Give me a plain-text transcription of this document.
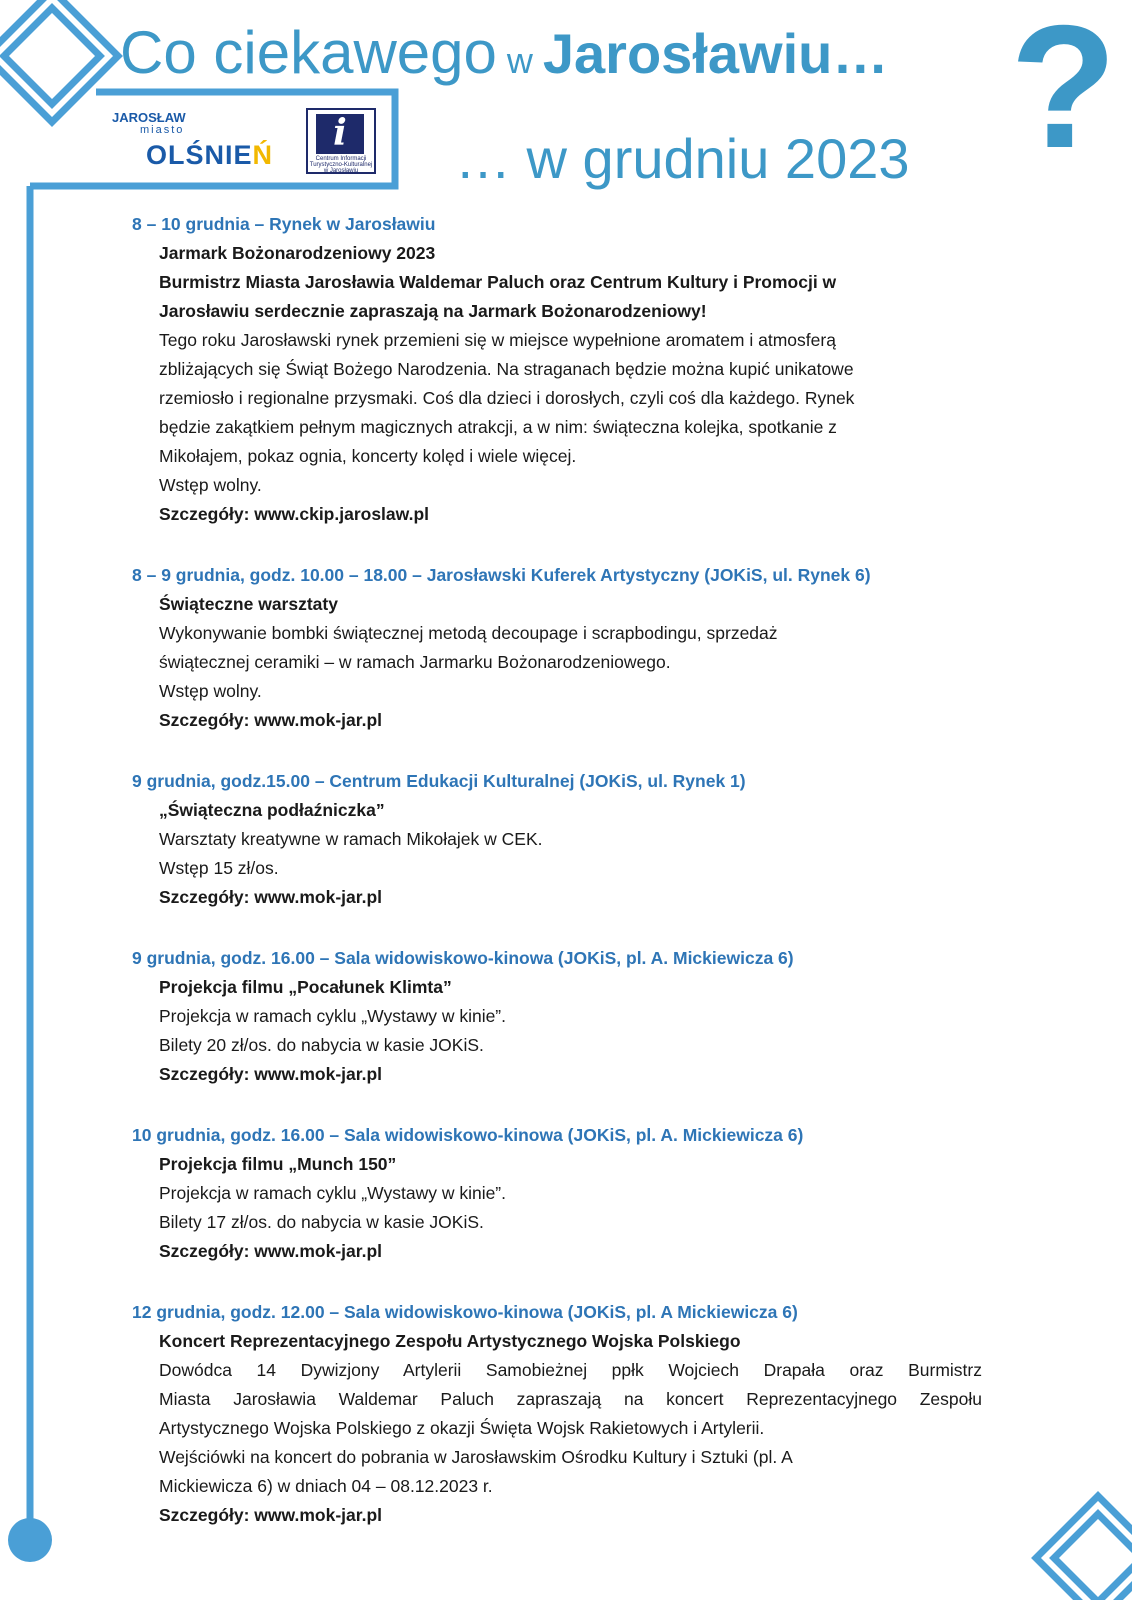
Co ciekawego w Jarosławiu…
… w grudniu 2023 ?
JAROSŁAW
miasto
OLŚNIEŃ
i
Centrum Informacji
Turystyczno-Kulturalnej
w Jarosławiu
8 – 10 grudnia – Rynek w Jarosławiu
Jarmark Bożonarodzeniowy 2023
Burmistrz Miasta Jarosławia Waldemar Paluch oraz Centrum Kultury i Promocji w
Jarosławiu serdecznie zapraszają na Jarmark Bożonarodzeniowy!
Tego roku Jarosławski rynek przemieni się w miejsce wypełnione aromatem i atmosferą
zbliżających się Świąt Bożego Narodzenia. Na straganach będzie można kupić unikatowe
rzemiosło i regionalne przysmaki. Coś dla dzieci i dorosłych, czyli coś dla każdego. Rynek
będzie zakątkiem pełnym magicznych atrakcji, a w nim: świąteczna kolejka, spotkanie z
Mikołajem, pokaz ognia, koncerty kolęd i wiele więcej.
Wstęp wolny.
Szczegóły: www.ckip.jaroslaw.pl
8 – 9 grudnia, godz. 10.00 – 18.00 – Jarosławski Kuferek Artystyczny (JOKiS, ul. Rynek 6)
Świąteczne warsztaty
Wykonywanie bombki świątecznej metodą decoupage i scrapbodingu, sprzedaż
świątecznej ceramiki – w ramach Jarmarku Bożonarodzeniowego.
Wstęp wolny.
Szczegóły: www.mok-jar.pl
9 grudnia, godz.15.00 – Centrum Edukacji Kulturalnej (JOKiS, ul. Rynek 1)
„Świąteczna podłaźniczka”
Warsztaty kreatywne w ramach Mikołajek w CEK.
Wstęp 15 zł/os.
Szczegóły: www.mok-jar.pl
9 grudnia, godz. 16.00 – Sala widowiskowo-kinowa (JOKiS, pl. A. Mickiewicza 6)
Projekcja filmu „Pocałunek Klimta”
Projekcja w ramach cyklu „Wystawy w kinie”.
Bilety 20 zł/os. do nabycia w kasie JOKiS.
Szczegóły: www.mok-jar.pl
10 grudnia, godz. 16.00 – Sala widowiskowo-kinowa (JOKiS, pl. A. Mickiewicza 6)
Projekcja filmu „Munch 150”
Projekcja w ramach cyklu „Wystawy w kinie”.
Bilety 17 zł/os. do nabycia w kasie JOKiS.
Szczegóły: www.mok-jar.pl
12 grudnia, godz. 12.00 – Sala widowiskowo-kinowa (JOKiS, pl. A Mickiewicza 6)
Koncert Reprezentacyjnego Zespołu Artystycznego Wojska Polskiego
Dowódca 14 Dywizjony Artylerii Samobieżnej ppłk Wojciech Drapała oraz Burmistrz
Miasta Jarosławia Waldemar Paluch zapraszają na koncert Reprezentacyjnego Zespołu
Artystycznego Wojska Polskiego z okazji Święta Wojsk Rakietowych i Artylerii.
Wejściówki na koncert do pobrania w Jarosławskim Ośrodku Kultury i Sztuki (pl. A
Mickiewicza 6) w dniach 04 – 08.12.2023 r.
Szczegóły: www.mok-jar.pl
